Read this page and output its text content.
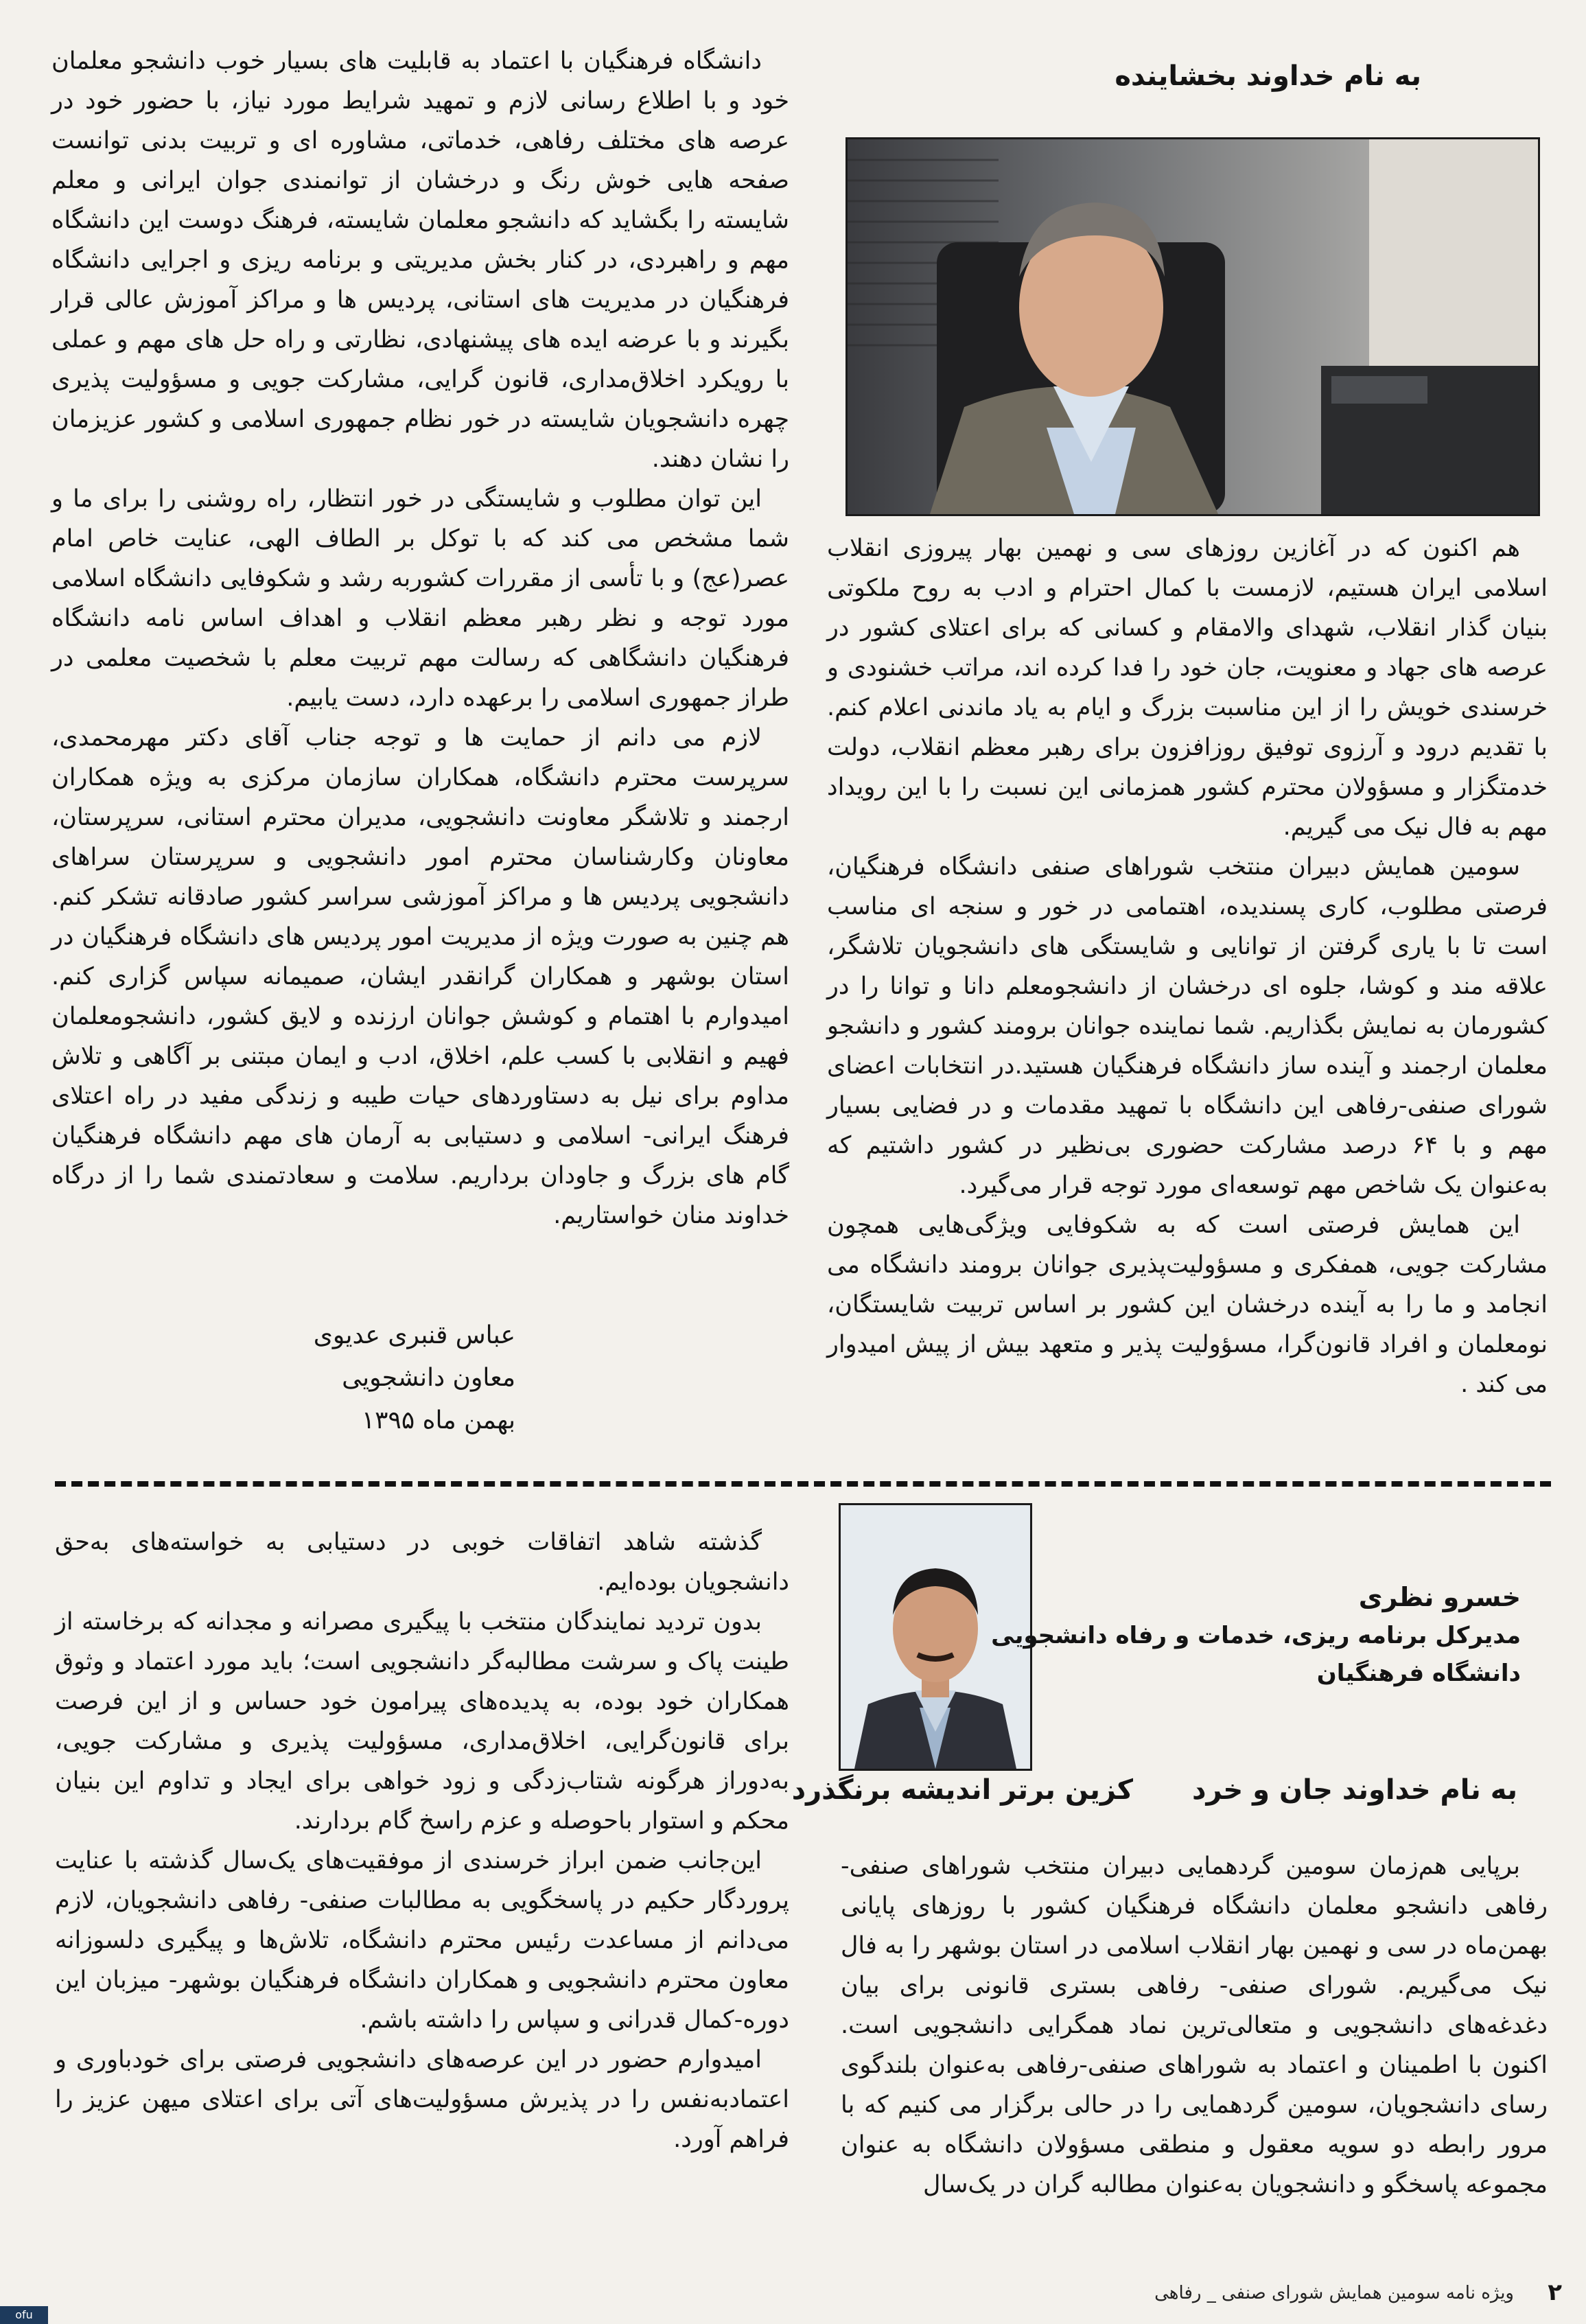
به نام خداوند بخشاینده

هم اکنون که در آغازین روزهای سی و نهمین بهار پیروزی انقلاب اسلامی ایران هستیم، لازمست با کمال احترام و ادب به روح ملکوتی بنیان گذار انقلاب، شهدای والامقام و کسانی که برای اعتلای کشور در عرصه های جهاد و معنویت، جان خود را فدا کرده اند، مراتب خشنودی و خرسندی خویش را از این مناسبت بزرگ و ایام به یاد ماندنی اعلام کنم. با تقدیم درود و آرزوی توفیق روزافزون برای رهبر معظم انقلاب، دولت خدمتگزار و مسؤولان محترم کشور همزمانی این نسبت را با این رویداد مهم به فال نیک می گیریم.

سومین همایش دبیران منتخب شوراهای صنفی دانشگاه فرهنگیان، فرصتی مطلوب، کاری پسندیده، اهتمامی در خور و سنجه ای مناسب است تا با یاری گرفتن از توانایی و شایستگی های دانشجویان تلاشگر، علاقه مند و کوشا، جلوه ای درخشان از دانشجومعلم دانا و توانا را در کشورمان به نمایش بگذاریم. شما نماینده جوانان برومند کشور و دانشجو معلمان ارجمند و آینده ساز دانشگاه فرهنگیان هستید.در انتخابات اعضای شورای صنفی-رفاهی این دانشگاه با تمهید مقدمات و در فضایی بسیار مهم و با ۶۴ درصد مشارکت حضوری بی‌نظیر در کشور داشتیم که به‌عنوان یک شاخص مهم توسعه‌ای مورد توجه قرار می‌گیرد.

این همایش فرصتی است که به شکوفایی ویژگی‌هایی همچون مشارکت جویی، همفکری و مسؤولیت‌پذیری جوانان برومند دانشگاه می انجامد و ما را به آینده درخشان این کشور بر اساس تربیت شایستگان، نومعلمان و افراد قانون‌گرا، مسؤولیت پذیر و متعهد بیش از پیش امیدوار می کند .

دانشگاه فرهنگیان با اعتماد به قابلیت های بسیار خوب دانشجو معلمان خود و با اطلاع رسانی لازم و تمهید شرایط مورد نیاز، با حضور خود در عرصه های مختلف رفاهی، خدماتی، مشاوره ای و تربیت بدنی توانست صفحه هایی خوش رنگ و درخشان از توانمندی جوان ایرانی و معلم شایسته را بگشاید که دانشجو معلمان شایسته، فرهنگ دوست این دانشگاه مهم و راهبردی، در کنار بخش مدیریتی و برنامه ریزی و اجرایی دانشگاه فرهنگیان در مدیریت های استانی، پردیس ها و مراکز آموزش عالی قرار بگیرند و با عرضه ایده های پیشنهادی، نظارتی و راه حل های مهم و عملی با رویکرد اخلاق‌مداری، قانون گرایی، مشارکت جویی و مسؤولیت پذیری چهره دانشجویان شایسته در خور نظام جمهوری اسلامی و کشور عزیزمان را نشان دهند.

این توان مطلوب و شایستگی در خور انتظار، راه روشنی را برای ما و شما مشخص می کند که با توکل بر الطاف الهی، عنایت خاص امام عصر(عج) و با تأسی از مقررات کشوربه رشد و شکوفایی دانشگاه اسلامی مورد توجه و نظر رهبر معظم انقلاب و اهداف اساس نامه دانشگاه فرهنگیان دانشگاهی که رسالت مهم تربیت معلم با شخصیت معلمی در طراز جمهوری اسلامی را برعهده دارد، دست یابیم.

لازم می دانم از حمایت ها و توجه جناب آقای دکتر مهرمحمدی، سرپرست محترم دانشگاه، همکاران سازمان مرکزی به ویژه همکاران ارجمند و تلاشگر معاونت دانشجویی، مدیران محترم استانی، سرپرستان، معاونان وکارشناسان محترم امور دانشجویی و سرپرستان سراهای دانشجویی پردیس ها و مراکز آموزشی سراسر کشور صادقانه تشکر کنم. هم چنین به صورت ویژه از مدیریت امور پردیس های دانشگاه فرهنگیان در استان بوشهر و همکاران گرانقدر ایشان، صمیمانه سپاس گزاری کنم. امیدوارم با اهتمام و کوشش جوانان ارزنده و لایق کشور، دانشجومعلمان فهیم و انقلابی با کسب علم، اخلاق، ادب و ایمان مبتنی بر آگاهی و تلاش مداوم برای نیل به دستاوردهای حیات طیبه و زندگی مفید در راه اعتلای فرهنگ ایرانی- اسلامی و دستیابی به آرمان های مهم دانشگاه فرهنگیان گام های بزرگ و جاودان برداریم. سلامت و سعادتمندی شما را از درگاه خداوند منان خواستاریم.

عباس قنبری عدیوی
معاون دانشجویی
بهمن ماه ۱۳۹۵
خسرو نظری
مدیرکل برنامه ریزی، خدمات و رفاه دانشجویی
دانشگاه فرهنگیان
به نام خداوند جان و خرد
کزین برتر اندیشه برنگذرد

برپایی هم‌زمان سومین گردهمایی دبیران منتخب شوراهای صنفی-رفاهی دانشجو معلمان دانشگاه فرهنگیان کشور با روزهای پایانی بهمن‌ماه در سی و نهمین بهار انقلاب اسلامی در استان بوشهر را به فال نیک می‌گیریم. شورای صنفی- رفاهی بستری قانونی برای بیان دغدغه‌های دانشجویی و متعالی‌ترین نماد همگرایی دانشجویی است. اکنون با اطمینان و اعتماد به شوراهای صنفی-رفاهی به‌عنوان بلندگوی رسای دانشجویان، سومین گردهمایی را در حالی برگزار می کنیم که با مرور رابطه دو سویه معقول و منطقی مسؤولان دانشگاه به عنوان مجموعه پاسخگو و دانشجویان به‌عنوان مطالبه گران در یک‌سال

گذشته شاهد اتفاقات خوبی در دستیابی به خواسته‌های به‌حق دانشجویان بوده‌ایم.

بدون تردید نمایندگان منتخب با پیگیری مصرانه و مجدانه که برخاسته از طینت پاک و سرشت مطالبه‌گر دانشجویی است؛ باید مورد اعتماد و وثوق همکاران خود بوده، به پدیده‌های پیرامون خود حساس و از این فرصت برای قانون‌گرایی، اخلاق‌مداری، مسؤولیت پذیری و مشارکت جویی، به‌دوراز هرگونه شتاب‌زدگی و زود خواهی برای ایجاد و تداوم این بنیان محکم و استوار باحوصله و عزم راسخ گام بردارند.

این‌جانب ضمن ابراز خرسندی از موفقیت‌های یک‌سال گذشته با عنایت پروردگار حکیم در پاسخگویی به مطالبات صنفی- رفاهی دانشجویان، لازم می‌دانم از مساعدت رئیس محترم دانشگاه، تلاش‌ها و پیگیری دلسوزانه معاون محترم دانشجویی و همکاران دانشگاه فرهنگیان بوشهر- میزبان این دوره-کمال قدرانی و سپاس را داشته باشم.

امیدوارم حضور در این عرصه‌های دانشجویی فرصتی برای خودباوری و اعتمادبه‌نفس را در پذیرش مسؤولیت‌های آتی برای اعتلای میهن عزیز را فراهم آورد.

۲
ویژه نامه سومین همایش شورای صنفی _ رفاهی
ofu
